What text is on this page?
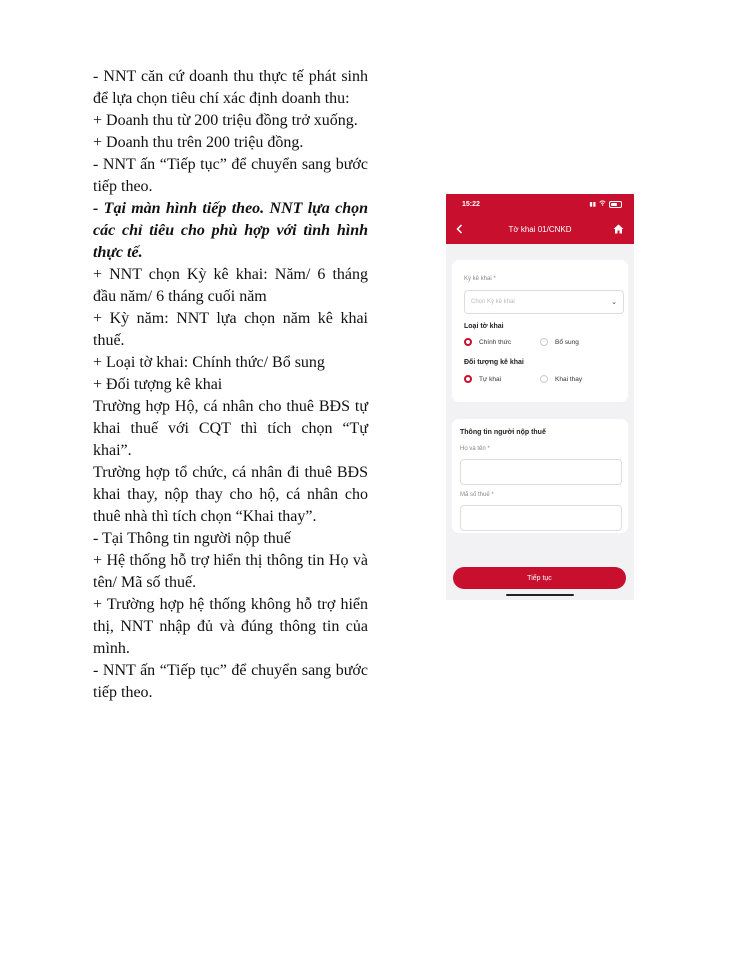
- NNT căn cứ doanh thu thực tế phát sinh để lựa chọn tiêu chí xác định doanh thu:

+ Doanh thu từ 200 triệu đồng trở xuống.

+ Doanh thu trên 200 triệu đồng.

- NNT ấn “Tiếp tục” để chuyển sang bước tiếp theo.

- Tại màn hình tiếp theo. NNT lựa chọn các chỉ tiêu cho phù hợp với tình hình thực tế.

+ NNT chọn Kỳ kê khai: Năm/ 6 tháng đầu năm/ 6 tháng cuối năm

+ Kỳ năm: NNT lựa chọn năm kê khai thuế.

+ Loại tờ khai: Chính thức/ Bổ sung

+ Đối tượng kê khai

Trường hợp Hộ, cá nhân cho thuê BĐS tự khai thuế với CQT thì tích chọn “Tự khai”.

Trường hợp tổ chức, cá nhân đi thuê BĐS khai thay, nộp thay cho hộ, cá nhân cho thuê nhà thì tích chọn “Khai thay”.

- Tại Thông tin người nộp thuế

+ Hệ thống hỗ trợ hiển thị thông tin Họ và tên/ Mã số thuế.

+ Trường hợp hệ thống không hỗ trợ hiển thị, NNT nhập đủ và đúng thông tin của mình.

- NNT ấn “Tiếp tục” để chuyển sang bước tiếp theo.

15:22	▮▮
Tờ khai 01/CNKD
Kỳ kê khai *
Chọn Kỳ kê khai	⌄
Loại tờ khai
Chính thức	Bổ sung
Đối tượng kê khai
Tự khai	Khai thay
Thông tin người nộp thuế
Họ và tên *
Mã số thuế *
Tiếp tục
